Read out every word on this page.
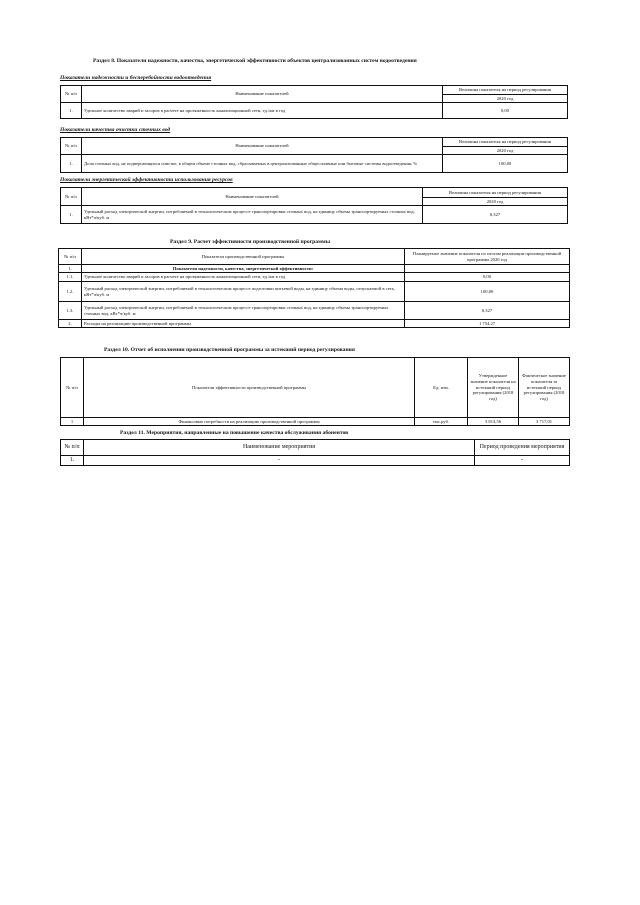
Раздел 8. Показатели надежности, качества, энергетической эффективности объектов централизованных систем водоотведения
Показатели надежности и бесперебойности водоотведения
№ п/п	Наименование показателей	Величина показателя на период регулирования
		2020 год
1.	Удельное количество аварий и засоров в расчете на протяженность канализационной сети, ед./км в год	0,00
Показатели качества очистки сточных вод
№ п/п	Наименование показателей	Величина показателя на период регулирования
		2020 год
1.	Доля сточных вод, не подвергающихся очистке, в общем объеме сточных вод, сбрасываемых в централизованные общесплавные или бытовые системы водоотведения, %	100,00
Показатели энергетической эффективности использования ресурсов
№ п/п	Наименование показателей	Величина показателя на период регулирования
		2020 год
1.	Удельный расход электрической энергии, потребляемой в технологическом процессе транспортировки сточных вод, на единицу объема транспортируемых сточных вод, кВт*ч/куб. м	0,327
Раздел 9. Расчет эффективности производственной программы
№ п/п	Показатели производственной программы	Планируемое значение показателя по итогам реализации производственной программы 2020 год
1.	Показатели надежности, качества, энергетической эффективности:	
1.1.	Удельное количество аварий и засоров в расчете на протяженность канализационной сети, ед./км в год	0,00
1.2.	Удельный расход электрической энергии, потребляемой в технологическом процессе подготовки питьевой воды, на единицу объема воды, отпускаемой в сеть, кВт*ч/куб. м	100,00
1.3.	Удельный расход электрической энергии, потребляемой в технологическом процессе транспортировки сточных вод, на единицу объема транспортируемых сточных вод, кВт*ч/куб. м	0,327
2.	Расходы на реализацию производственной программы	1 754,27
Раздел 10. Отчет об исполнении производственной программы за истекший период регулирования
№ п/п	Показатели эффективности производственной программы	Ед. изм.	Утвержденное значение показателя на истекший период регулирования (2018 год)	Фактическое значение показателя за истекший период регулирования (2018 год)
1	Финансовые потребности на реализацию производственной программы	тыс.руб.	3 813,56	3 717,01
Раздел 11. Мероприятия, направленные на повышение качества обслуживания абонентов
№ п/п	Наименование мероприятия	Период проведения мероприятия
1.	-	-
